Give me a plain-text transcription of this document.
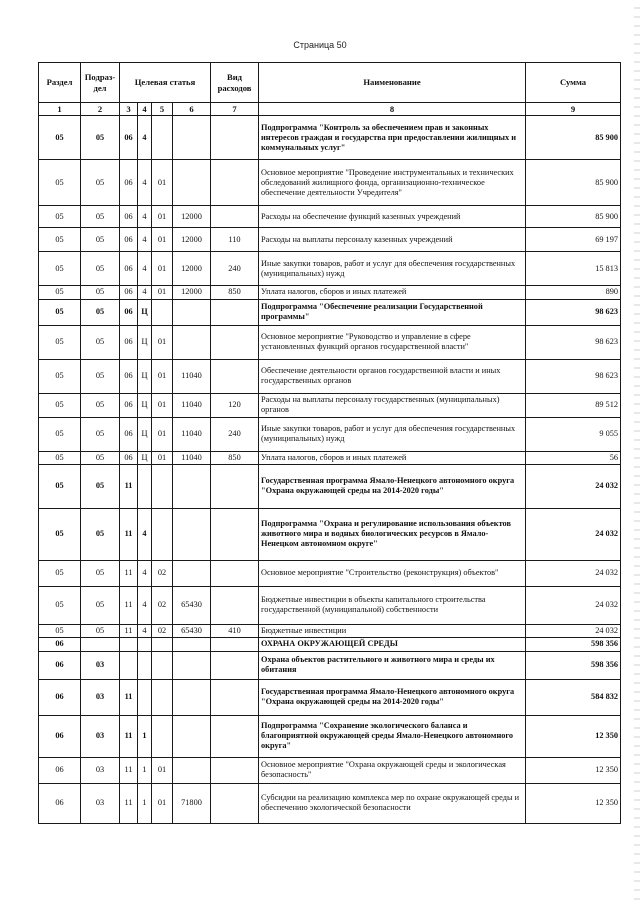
Страница 50
Раздел	Подраз-дел	Целевая статья				Вид расходов	Наименование	Сумма
1	2	3	4	5	6	7	8	9
05	05	06	4				Подпрограмма "Контроль за обеспечением прав и законных интересов граждан и государства при предоставлении жилищных и коммунальных услуг"	85 900
05	05	06	4	01			Основное мероприятие "Проведение инструментальных и технических обследований жилищного фонда, организационно-техническое обеспечение деятельности Учредителя"	85 900
05	05	06	4	01	12000		Расходы на обеспечение функций казенных учреждений	85 900
05	05	06	4	01	12000	110	Расходы на выплаты персоналу казенных учреждений	69 197
05	05	06	4	01	12000	240	Иные закупки товаров, работ и услуг для обеспечения государственных (муниципальных) нужд	15 813
05	05	06	4	01	12000	850	Уплата налогов, сборов и иных платежей	890
05	05	06	Ц				Подпрограмма "Обеспечение реализации Государственной программы"	98 623
05	05	06	Ц	01			Основное мероприятие "Руководство и управление в сфере установленных функций органов государственной власти"	98 623
05	05	06	Ц	01	11040		Обеспечение деятельности органов государственной власти и иных государственных органов	98 623
05	05	06	Ц	01	11040	120	Расходы на выплаты персоналу государственных (муниципальных) органов	89 512
05	05	06	Ц	01	11040	240	Иные закупки товаров, работ и услуг для обеспечения государственных (муниципальных) нужд	9 055
05	05	06	Ц	01	11040	850	Уплата налогов, сборов и иных платежей	56
05	05	11					Государственная программа Ямало-Ненецкого автономного округа "Охрана окружающей среды на 2014-2020 годы"	24 032
05	05	11	4				Подпрограмма "Охрана и регулирование использования объектов животного мира и водных биологических ресурсов в Ямало-Ненецком автономном округе"	24 032
05	05	11	4	02			Основное мероприятие "Строительство (реконструкция) объектов"	24 032
05	05	11	4	02	65430		Бюджетные инвестиции в объекты капитального строительства государственной (муниципальной) собственности	24 032
05	05	11	4	02	65430	410	Бюджетные инвестиции	24 032
06							ОХРАНА ОКРУЖАЮЩЕЙ СРЕДЫ	598 356
06	03						Охрана объектов растительного и животного мира и среды их обитания	598 356
06	03	11					Государственная программа Ямало-Ненецкого автономного округа "Охрана окружающей среды на 2014-2020 годы"	584 832
06	03	11	1				Подпрограмма "Сохранение экологического баланса и благоприятной окружающей среды Ямало-Ненецкого автономного округа"	12 350
06	03	11	1	01			Основное мероприятие "Охрана окружающей среды и экологическая безопасность"	12 350
06	03	11	1	01	71800		Субсидии на реализацию комплекса мер по охране окружающей среды и обеспечению экологической безопасности	12 350
